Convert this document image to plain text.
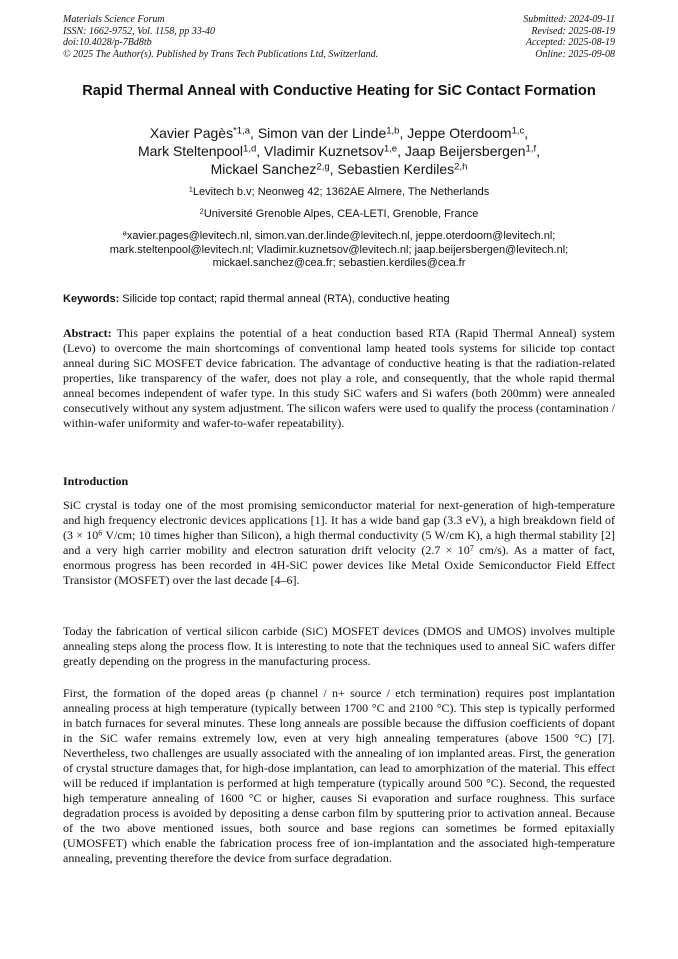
Materials Science Forum
ISSN: 1662-9752, Vol. 1158, pp 33-40
doi:10.4028/p-7Bd8tb
© 2025 The Author(s). Published by Trans Tech Publications Ltd, Switzerland.
Submitted: 2024-09-11
Revised: 2025-08-19
Accepted: 2025-08-19
Online: 2025-09-08
Rapid Thermal Anneal with Conductive Heating for SiC Contact Formation
Xavier Pagès$^{*1,a}$, Simon van der Linde$^{1,b}$, Jeppe Oterdoom$^{1,c}$,
Mark Steltenpool$^{1,d}$, Vladimir Kuznetsov$^{1,e}$, Jaap Beijersbergen$^{1,f}$,
Mickael Sanchez$^{2,g}$, Sebastien Kerdiles$^{2,h}$
$^1$Levitech b.v; Neonweg 42; 1362AE Almere, The Netherlands
$^2$Université Grenoble Alpes, CEA-LETI, Grenoble, France
$^a$xavier.pages@levitech.nl, simon.van.der.linde@levitech.nl, jeppe.oterdoom@levitech.nl;
mark.steltenpool@levitech.nl; Vladimir.kuznetsov@levitech.nl; jaap.beijersbergen@levitech.nl;
mickael.sanchez@cea.fr; sebastien.kerdiles@cea.fr
Keywords: Silicide top contact; rapid thermal anneal (RTA), conductive heating
Abstract: This paper explains the potential of a heat conduction based RTA (Rapid Thermal Anneal) system (Levo) to overcome the main shortcomings of conventional lamp heated tools systems for silicide top contact anneal during SiC MOSFET device fabrication. The advantage of conductive heating is that the radiation-related properties, like transparency of the wafer, does not play a role, and consequently, that the whole rapid thermal anneal becomes independent of wafer type. In this study SiC wafers and Si wafers (both 200mm) were annealed consecutively without any system adjustment. The silicon wafers were used to qualify the process (contamination / within-wafer uniformity and wafer-to-wafer repeatability).
Introduction
SiC crystal is today one of the most promising semiconductor material for next-generation of high-temperature and high frequency electronic devices applications [1]. It has a wide band gap (3.3 eV), a high breakdown field of ($3 \times 10^6$ V/cm; 10 times higher than Silicon), a high thermal conductivity (5 W/cm K), a high thermal stability [2] and a very high carrier mobility and electron saturation drift velocity ($2.7 \times 10^7$ cm/s). As a matter of fact, enormous progress has been recorded in 4H-SiC power devices like Metal Oxide Semiconductor Field Effect Transistor (MOSFET) over the last decade [4–6].
Today the fabrication of vertical silicon carbide (SiC) MOSFET devices (DMOS and UMOS) involves multiple annealing steps along the process flow. It is interesting to note that the techniques used to anneal SiC wafers differ greatly depending on the progress in the manufacturing process.
First, the formation of the doped areas (p channel / n+ source / etch termination) requires post implantation annealing process at high temperature (typically between 1700 °C and 2100 °C). This step is typically performed in batch furnaces for several minutes. These long anneals are possible because the diffusion coefficients of dopant in the SiC wafer remains extremely low, even at very high annealing temperatures (above 1500 °C) [7]. Nevertheless, two challenges are usually associated with the annealing of ion implanted areas. First, the generation of crystal structure damages that, for high-dose implantation, can lead to amorphization of the material. This effect will be reduced if implantation is performed at high temperature (typically around 500 °C). Second, the requested high temperature annealing of 1600 °C or higher, causes Si evaporation and surface roughness. This surface degradation process is avoided by depositing a dense carbon film by sputtering prior to activation anneal. Because of the two above mentioned issues, both source and base regions can sometimes be formed epitaxially (UMOSFET) which enable the fabrication process free of ion-implantation and the associated high-temperature annealing, preventing therefore the device from surface degradation.
